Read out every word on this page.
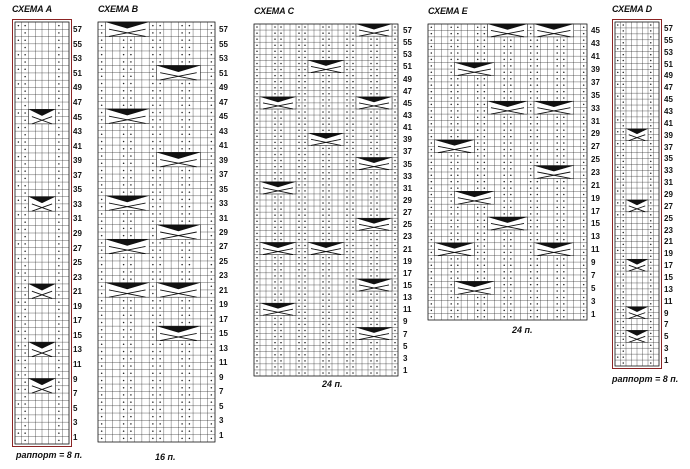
СХЕМА А
раппорт = 8 п.
57
55
53
51
49
47
45
43
41
39
37
35
33
31
29
27
25
23
21
19
17
15
13
11
9
7
5
3
1
СХЕМА В
16 п.
57
55
53
51
49
47
45
43
41
39
37
35
33
31
29
27
25
23
21
19
17
15
13
11
9
7
5
3
1
СХЕМА С
24 п.
57
55
53
51
49
47
45
43
41
39
37
35
33
31
29
27
25
23
21
19
17
15
13
11
9
7
5
3
1
СХЕМА Е
24 п.
45
43
41
39
37
35
33
31
29
27
25
23
21
19
17
15
13
11
9
7
5
3
1
СХЕМА D
раппорт = 8 п.
57
55
53
51
49
47
45
43
41
39
37
35
33
31
29
27
25
23
21
19
17
15
13
11
9
7
5
3
1
